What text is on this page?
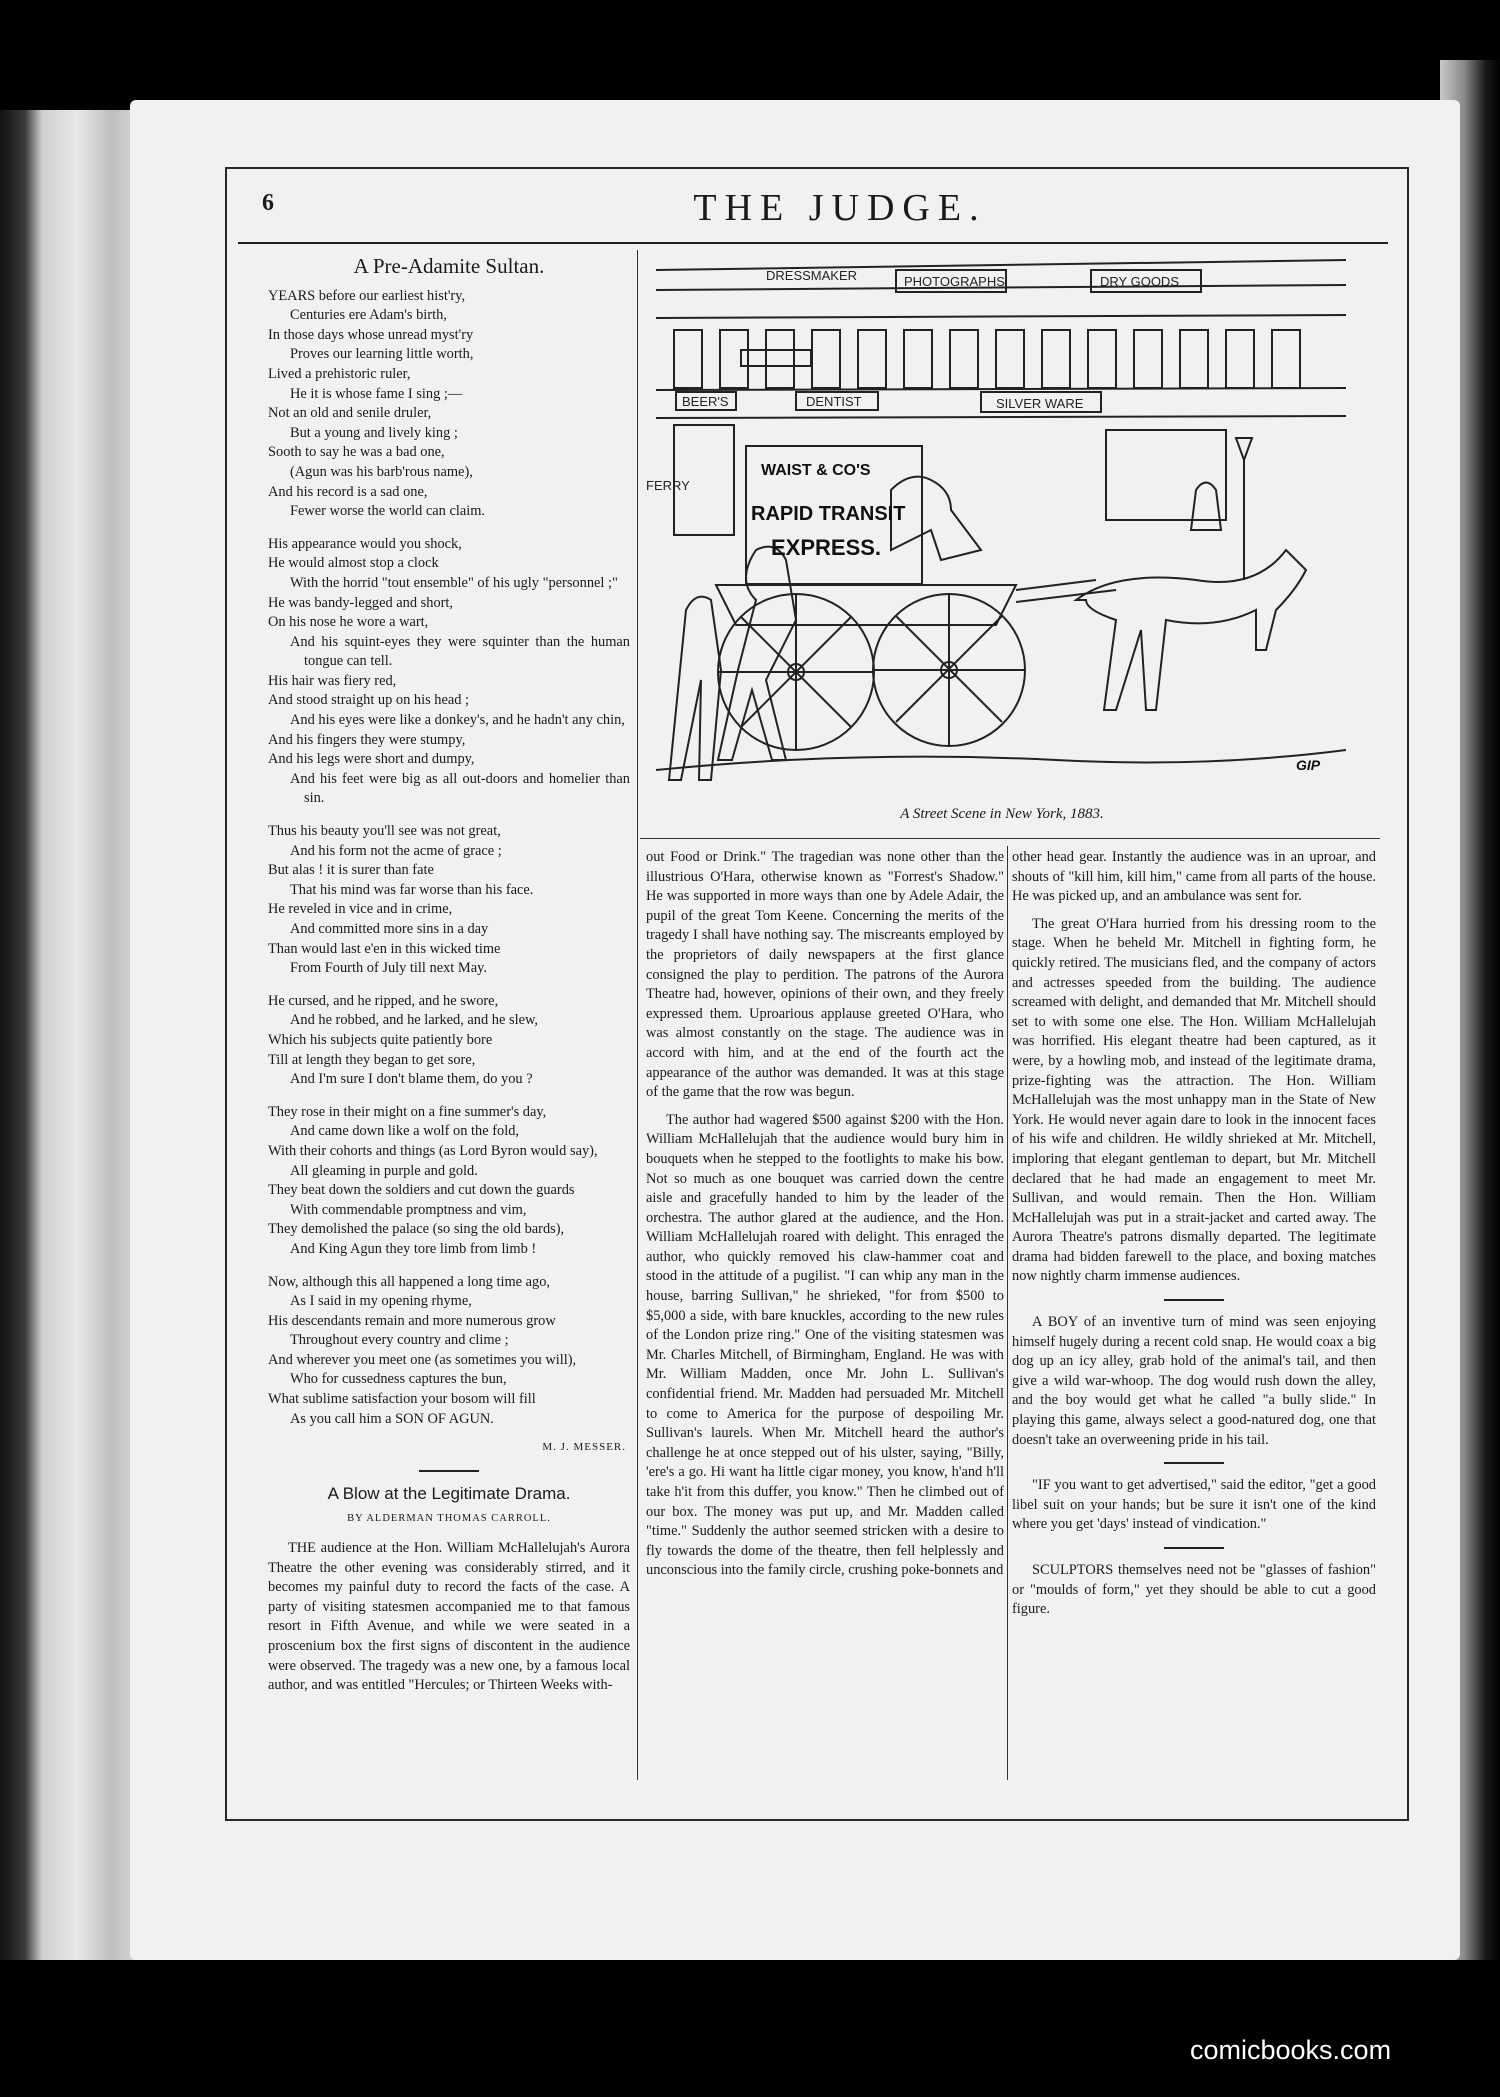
6	THE JUDGE.
A Pre-Adamite Sultan.
YEARS before our earliest hist'ry,
Centuries ere Adam's birth,
In those days whose unread myst'ry
Proves our learning little worth,
Lived a prehistoric ruler,
He it is whose fame I sing ;—
Not an old and senile druler,
But a young and lively king ;
Sooth to say he was a bad one,
(Agun was his barb'rous name),
And his record is a sad one,
Fewer worse the world can claim.
His appearance would you shock,
He would almost stop a clock
With the horrid "tout ensemble" of his ugly "personnel ;"
He was bandy-legged and short,
On his nose he wore a wart,
And his squint-eyes they were squinter than the human tongue can tell.
His hair was fiery red,
And stood straight up on his head ;
And his eyes were like a donkey's, and he hadn't any chin,
And his fingers they were stumpy,
And his legs were short and dumpy,
And his feet were big as all out-doors and homelier than sin.
Thus his beauty you'll see was not great,
And his form not the acme of grace ;
But alas ! it is surer than fate
That his mind was far worse than his face.
He reveled in vice and in crime,
And committed more sins in a day
Than would last e'en in this wicked time
From Fourth of July till next May.
He cursed, and he ripped, and he swore,
And he robbed, and he larked, and he slew,
Which his subjects quite patiently bore
Till at length they began to get sore,
And I'm sure I don't blame them, do you ?
They rose in their might on a fine summer's day,
And came down like a wolf on the fold,
With their cohorts and things (as Lord Byron would say),
All gleaming in purple and gold.
They beat down the soldiers and cut down the guards
With commendable promptness and vim,
They demolished the palace (so sing the old bards),
And King Agun they tore limb from limb !
Now, although this all happened a long time ago,
As I said in my opening rhyme,
His descendants remain and more numerous grow
Throughout every country and clime ;
And wherever you meet one (as sometimes you will),
Who for cussedness captures the bun,
What sublime satisfaction your bosom will fill
As you call him a SON OF AGUN.
M. J. MESSER.
A Blow at the Legitimate Drama.
BY ALDERMAN THOMAS CARROLL.

THE audience at the Hon. William McHallelujah's Aurora Theatre the other evening was considerably stirred, and it becomes my painful duty to record the facts of the case. A party of visiting statesmen accompanied me to that famous resort in Fifth Avenue, and while we were seated in a proscenium box the first signs of discontent in the audience were observed. The tragedy was a new one, by a famous local author, and was entitled "Hercules; or Thirteen Weeks with-

DRESSMAKER	PHOTOGRAPHS	DRY GOODS
BEER'S	DENTIST	SILVER WARE
FERRY
WAIST & CO'S
RAPID TRANSIT
EXPRESS.
GIP
A Street Scene in New York, 1883.

out Food or Drink." The tragedian was none other than the illustrious O'Hara, otherwise known as "Forrest's Shadow." He was supported in more ways than one by Adele Adair, the pupil of the great Tom Keene. Concerning the merits of the tragedy I shall have nothing say. The miscreants employed by the proprietors of daily newspapers at the first glance consigned the play to perdition. The patrons of the Aurora Theatre had, however, opinions of their own, and they freely expressed them. Uproarious applause greeted O'Hara, who was almost constantly on the stage. The audience was in accord with him, and at the end of the fourth act the appearance of the author was demanded. It was at this stage of the game that the row was begun.

The author had wagered $500 against $200 with the Hon. William McHallelujah that the audience would bury him in bouquets when he stepped to the footlights to make his bow. Not so much as one bouquet was carried down the centre aisle and gracefully handed to him by the leader of the orchestra. The author glared at the audience, and the Hon. William McHallelujah roared with delight. This enraged the author, who quickly removed his claw-hammer coat and stood in the attitude of a pugilist. "I can whip any man in the house, barring Sullivan," he shrieked, "for from $500 to $5,000 a side, with bare knuckles, according to the new rules of the London prize ring." One of the visiting statesmen was Mr. Charles Mitchell, of Birmingham, England. He was with Mr. William Madden, once Mr. John L. Sullivan's confidential friend. Mr. Madden had persuaded Mr. Mitchell to come to America for the purpose of despoiling Mr. Sullivan's laurels. When Mr. Mitchell heard the author's challenge he at once stepped out of his ulster, saying, "Billy, 'ere's a go. Hi want ha little cigar money, you know, h'and h'll take h'it from this duffer, you know." Then he climbed out of our box. The money was put up, and Mr. Madden called "time." Suddenly the author seemed stricken with a desire to fly towards the dome of the theatre, then fell helplessly and unconscious into the family circle, crushing poke-bonnets and

other head gear. Instantly the audience was in an uproar, and shouts of "kill him, kill him," came from all parts of the house. He was picked up, and an ambulance was sent for.

The great O'Hara hurried from his dressing room to the stage. When he beheld Mr. Mitchell in fighting form, he quickly retired. The musicians fled, and the company of actors and actresses speeded from the building. The audience screamed with delight, and demanded that Mr. Mitchell should set to with some one else. The Hon. William McHallelujah was horrified. His elegant theatre had been captured, as it were, by a howling mob, and instead of the legitimate drama, prize-fighting was the attraction. The Hon. William McHallelujah was the most unhappy man in the State of New York. He would never again dare to look in the innocent faces of his wife and children. He wildly shrieked at Mr. Mitchell, imploring that elegant gentleman to depart, but Mr. Mitchell declared that he had made an engagement to meet Mr. Sullivan, and would remain. Then the Hon. William McHallelujah was put in a strait-jacket and carted away. The Aurora Theatre's patrons dismally departed. The legitimate drama had bidden farewell to the place, and boxing matches now nightly charm immense audiences.

A BOY of an inventive turn of mind was seen enjoying himself hugely during a recent cold snap. He would coax a big dog up an icy alley, grab hold of the animal's tail, and then give a wild war-whoop. The dog would rush down the alley, and the boy would get what he called "a bully slide." In playing this game, always select a good-natured dog, one that doesn't take an overweening pride in his tail.

"IF you want to get advertised," said the editor, "get a good libel suit on your hands; but be sure it isn't one of the kind where you get 'days' instead of vindication."

SCULPTORS themselves need not be "glasses of fashion" or "moulds of form," yet they should be able to cut a good figure.

comicbooks.com
